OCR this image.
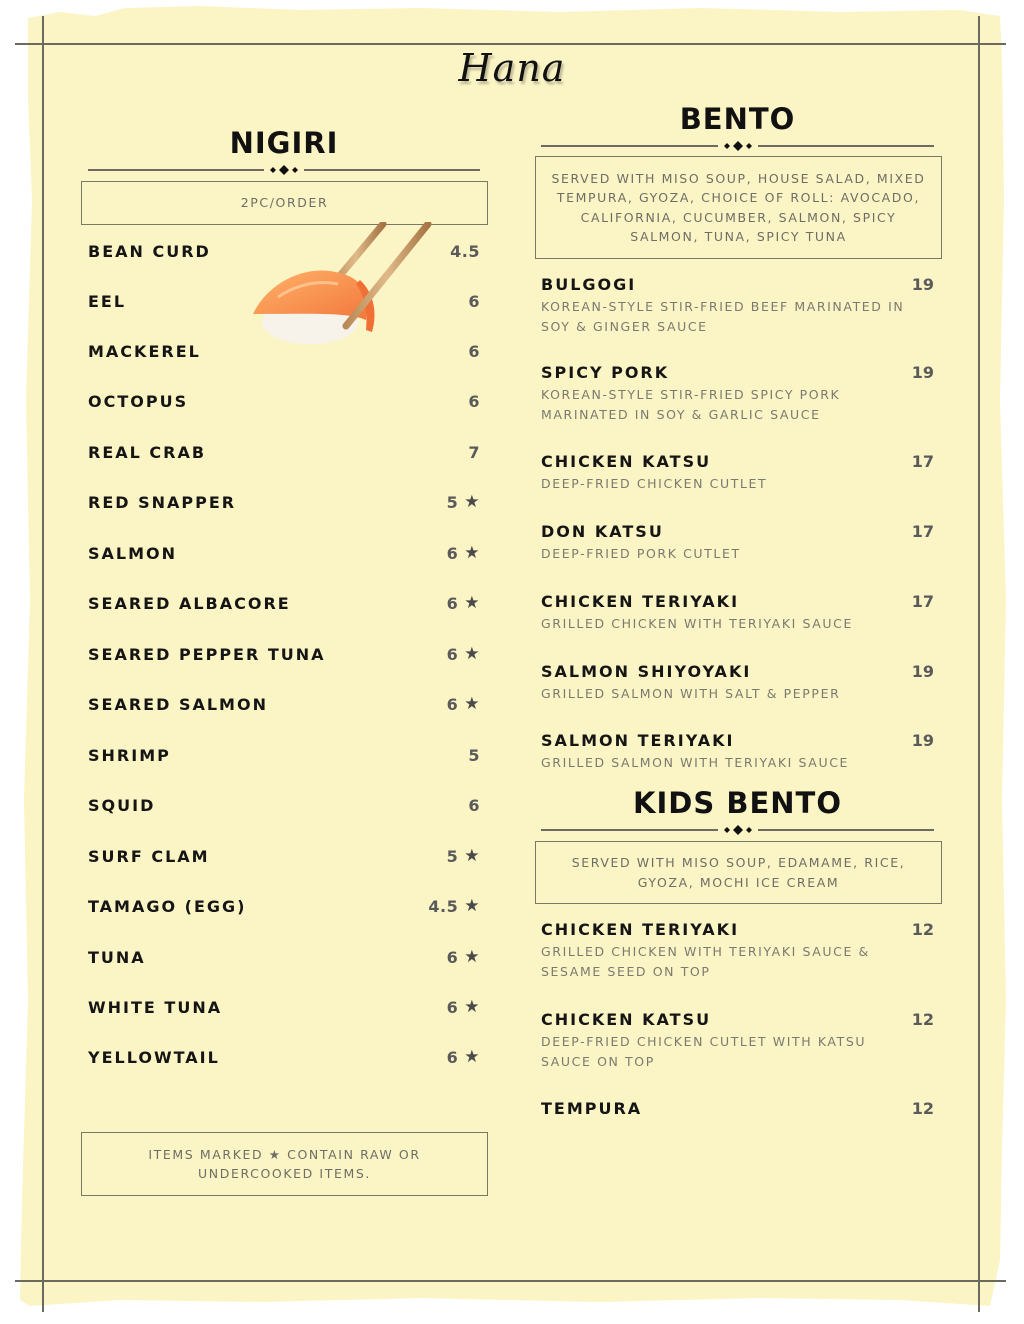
Hana
NIGIRI
2PC/ORDER
BEAN CURD	4.5
EEL	6
MACKEREL	6
OCTOPUS	6
REAL CRAB	7
RED SNAPPER	5 ★
SALMON	6 ★
SEARED ALBACORE	6 ★
SEARED PEPPER TUNA	6 ★
SEARED SALMON	6 ★
SHRIMP	5
SQUID	6
SURF CLAM	5 ★
TAMAGO (EGG)	4.5 ★
TUNA	6 ★
WHITE TUNA	6 ★
YELLOWTAIL	6 ★
ITEMS MARKED ★ CONTAIN RAW OR UNDERCOOKED ITEMS.
BENTO
SERVED WITH MISO SOUP, HOUSE SALAD, MIXED TEMPURA, GYOZA, CHOICE OF ROLL: AVOCADO, CALIFORNIA, CUCUMBER, SALMON, SPICY SALMON, TUNA, SPICY TUNA
BULGOGI	19
KOREAN-STYLE STIR-FRIED BEEF MARINATED IN SOY & GINGER SAUCE
SPICY PORK	19
KOREAN-STYLE STIR-FRIED SPICY PORK MARINATED IN SOY & GARLIC SAUCE
CHICKEN KATSU	17
DEEP-FRIED CHICKEN CUTLET
DON KATSU	17
DEEP-FRIED PORK CUTLET
CHICKEN TERIYAKI	17
GRILLED CHICKEN WITH TERIYAKI SAUCE
SALMON SHIYOYAKI	19
GRILLED SALMON WITH SALT & PEPPER
SALMON TERIYAKI	19
GRILLED SALMON WITH TERIYAKI SAUCE
KIDS BENTO
SERVED WITH MISO SOUP, EDAMAME, RICE, GYOZA, MOCHI ICE CREAM
CHICKEN TERIYAKI	12
GRILLED CHICKEN WITH TERIYAKI SAUCE & SESAME SEED ON TOP
CHICKEN KATSU	12
DEEP-FRIED CHICKEN CUTLET WITH KATSU SAUCE ON TOP
TEMPURA	12
